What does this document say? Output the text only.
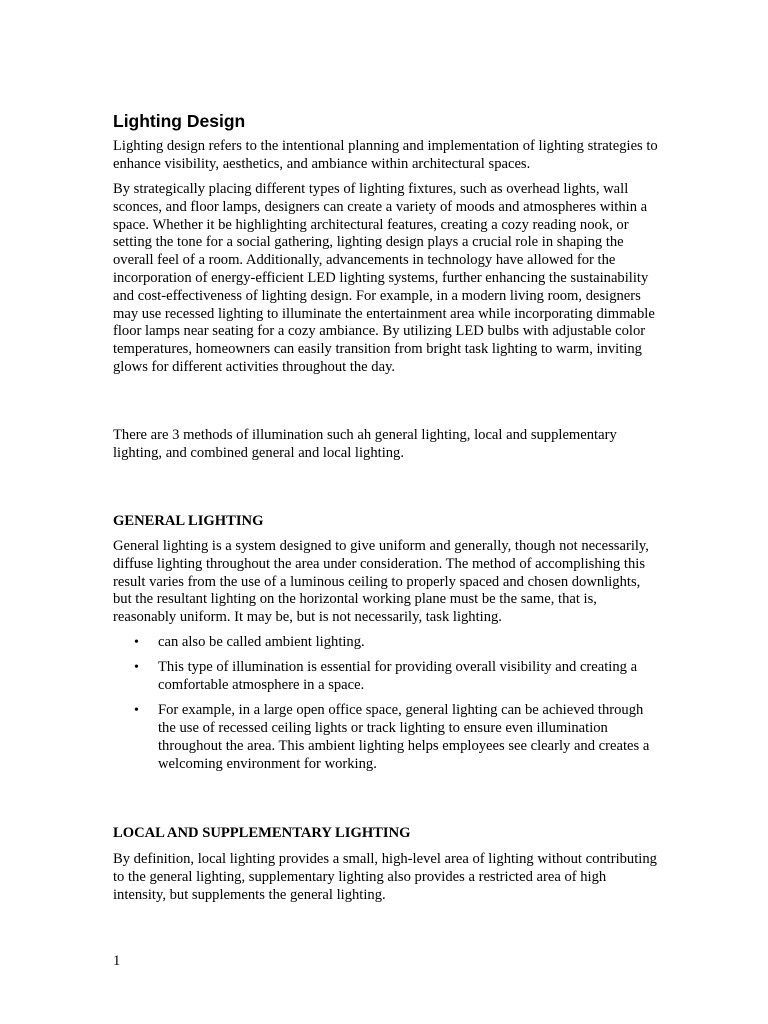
Lighting Design

Lighting design refers to the intentional planning and implementation of lighting strategies to enhance visibility, aesthetics, and ambiance within architectural spaces.

By strategically placing different types of lighting fixtures, such as overhead lights, wall sconces, and floor lamps, designers can create a variety of moods and atmospheres within a space. Whether it be highlighting architectural features, creating a cozy reading nook, or setting the tone for a social gathering, lighting design plays a crucial role in shaping the overall feel of a room. Additionally, advancements in technology have allowed for the incorporation of energy-efficient LED lighting systems, further enhancing the sustainability and cost-effectiveness of lighting design. For example, in a modern living room, designers may use recessed lighting to illuminate the entertainment area while incorporating dimmable floor lamps near seating for a cozy ambiance. By utilizing LED bulbs with adjustable color temperatures, homeowners can easily transition from bright task lighting to warm, inviting glows for different activities throughout the day.

There are 3 methods of illumination such ah general lighting, local and supplementary lighting, and combined general and local lighting.

GENERAL LIGHTING

General lighting is a system designed to give uniform and generally, though not necessarily, diffuse lighting throughout the area under consideration. The method of accomplishing this result varies from the use of a luminous ceiling to properly spaced and chosen downlights, but the resultant lighting on the horizontal working plane must be the same, that is, reasonably uniform. It may be, but is not necessarily, task lighting.

• can also be called ambient lighting.
• This type of illumination is essential for providing overall visibility and creating a comfortable atmosphere in a space.
• For example, in a large open office space, general lighting can be achieved through the use of recessed ceiling lights or track lighting to ensure even illumination throughout the area. This ambient lighting helps employees see clearly and creates a welcoming environment for working.
LOCAL AND SUPPLEMENTARY LIGHTING

By definition, local lighting provides a small, high-level area of lighting without contributing to the general lighting, supplementary lighting also provides a restricted area of high intensity, but supplements the general lighting.

1
